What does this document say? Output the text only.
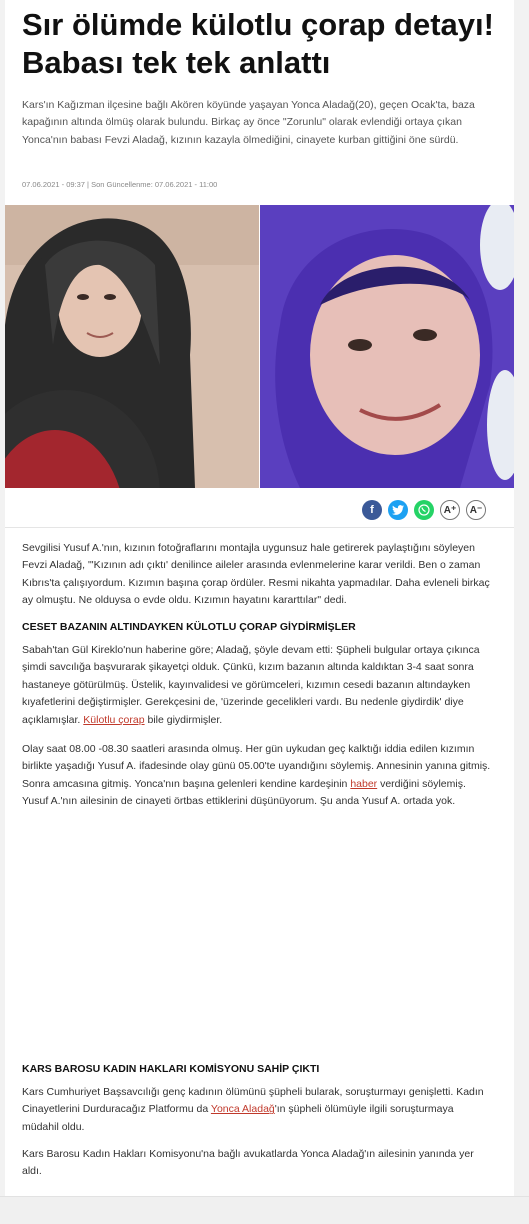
Sır ölümde külotlu çorap detayı! Babası tek tek anlattı

Kars'ın Kağızman ilçesine bağlı Akören köyünde yaşayan Yonca Aladağ(20), geçen Ocak'ta, baza kapağının altında ölmüş olarak bulundu. Birkaç ay önce "Zorunlu" olarak evlendiği ortaya çıkan Yonca'nın babası Fevzi Aladağ, kızının kazayla ölmediğini, cinayete kurban gittiğini öne sürdü.

07.06.2021 - 09:37 | Son Güncellenme: 07.06.2021 - 11:00
f	A⁺	A⁻

Sevgilisi Yusuf A.'nın, kızının fotoğraflarını montajla uygunsuz hale getirerek paylaştığını söyleyen Fevzi Aladağ, "'Kızının adı çıktı' denilince aileler arasında evlenmelerine karar verildi. Ben o zaman Kıbrıs'ta çalışıyordum. Kızımın başına çorap ördüler. Resmi nikahta yapmadılar. Daha evleneli birkaç ay olmuştu. Ne olduysa o evde oldu. Kızımın hayatını kararttılar" dedi.

CESET BAZANIN ALTINDAYKEN KÜLOTLU ÇORAP GİYDİRMİŞLER

Sabah'tan Gül Kireklo'nun haberine göre; Aladağ, şöyle devam etti: Şüpheli bulgular ortaya çıkınca şimdi savcılığa başvurarak şikayetçi olduk. Çünkü, kızım bazanın altında kaldıktan 3-4 saat sonra hastaneye götürülmüş. Üstelik, kayınvalidesi ve görümceleri, kızımın cesedi bazanın altındayken kıyafetlerini değiştirmişler. Gerekçesini de, 'üzerinde gecelikleri vardı. Bu nedenle giydirdik' diye açıklamışlar. Külotlu çorap bile giydirmişler.

Olay saat 08.00 -08.30 saatleri arasında olmuş. Her gün uykudan geç kalktığı iddia edilen kızımın birlikte yaşadığı Yusuf A. ifadesinde olay günü 05.00'te uyandığını söylemiş. Annesinin yanına gitmiş. Sonra amcasına gitmiş. Yonca'nın başına gelenleri kendine kardeşinin haber verdiğini söylemiş. Yusuf A.'nın ailesinin de cinayeti örtbas ettiklerini düşünüyorum. Şu anda Yusuf A. ortada yok.

KARS BAROSU KADIN HAKLARI KOMİSYONU SAHİP ÇIKTI

Kars Cumhuriyet Başsavcılığı genç kadının ölümünü şüpheli bularak, soruşturmayı genişletti. Kadın Cinayetlerini Durduracağız Platformu da Yonca Aladağ'ın şüpheli ölümüyle ilgili soruşturmaya müdahil oldu.

Kars Barosu Kadın Hakları Komisyonu'na bağlı avukatlarda Yonca Aladağ'ın ailesinin yanında yer aldı.
